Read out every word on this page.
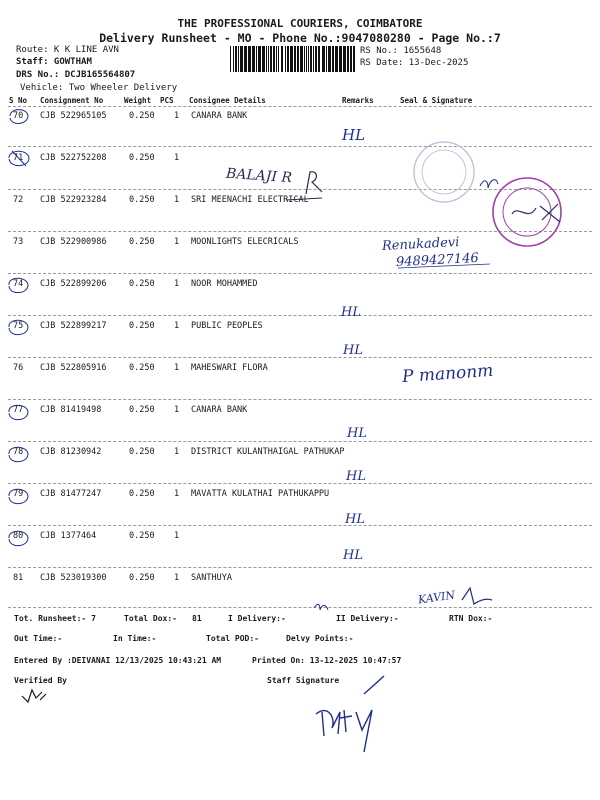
THE PROFESSIONAL COURIERS, COIMBATORE
Delivery Runsheet - MO - Phone No.:9047080280 - Page No.:7
Route: K K LINE AVN
Staff: GOWTHAM
DRS No.: DCJB165564807
Vehicle: Two Wheeler Delivery
RS No.: 1655648
RS Date: 13-Dec-2025
S No Consignment No	Weight PCS Consignee Details	Remarks	Seal & Signature
70 CJB 522965105	0.250 1 CANARA BANK
71 CJB 522752208	0.250 1
72 CJB 522923284	0.250 1 SRI MEENACHI ELECTRICAL
73 CJB 522900986	0.250 1 MOONLIGHTS ELECRICALS
74 CJB 522899206	0.250 1 NOOR MOHAMMED
75 CJB 522899217	0.250 1 PUBLIC PEOPLES
76 CJB 522805916	0.250 1 MAHESWARI FLORA
77 CJB 81419498	0.250 1 CANARA BANK
78 CJB 81230942	0.250 1 DISTRICT KULANTHAIGAL PATHUKAP
79 CJB 81477247	0.250 1 MAVATTA KULATHAI PATHUKAPPU
80 CJB 1377464	0.250 1
81 CJB 523019300	0.250 1 SANTHUYA
Tot. Runsheet:- 7	Total Dox:- 81	I Delivery:-	II Delivery:-	RTN Dox:-
Out Time:-	In Time:-	Total POD:-	Delvy Points:-
Entered By :DEIVANAI 12/13/2025 10:43:21 AM	Printed On: 13-12-2025 10:47:57
Verified By	Staff Signature
BALAJI R
Renukadevi
9489427146
P manonm
KAVIN
HL
HL
HL
HL
HL
HL
HL
